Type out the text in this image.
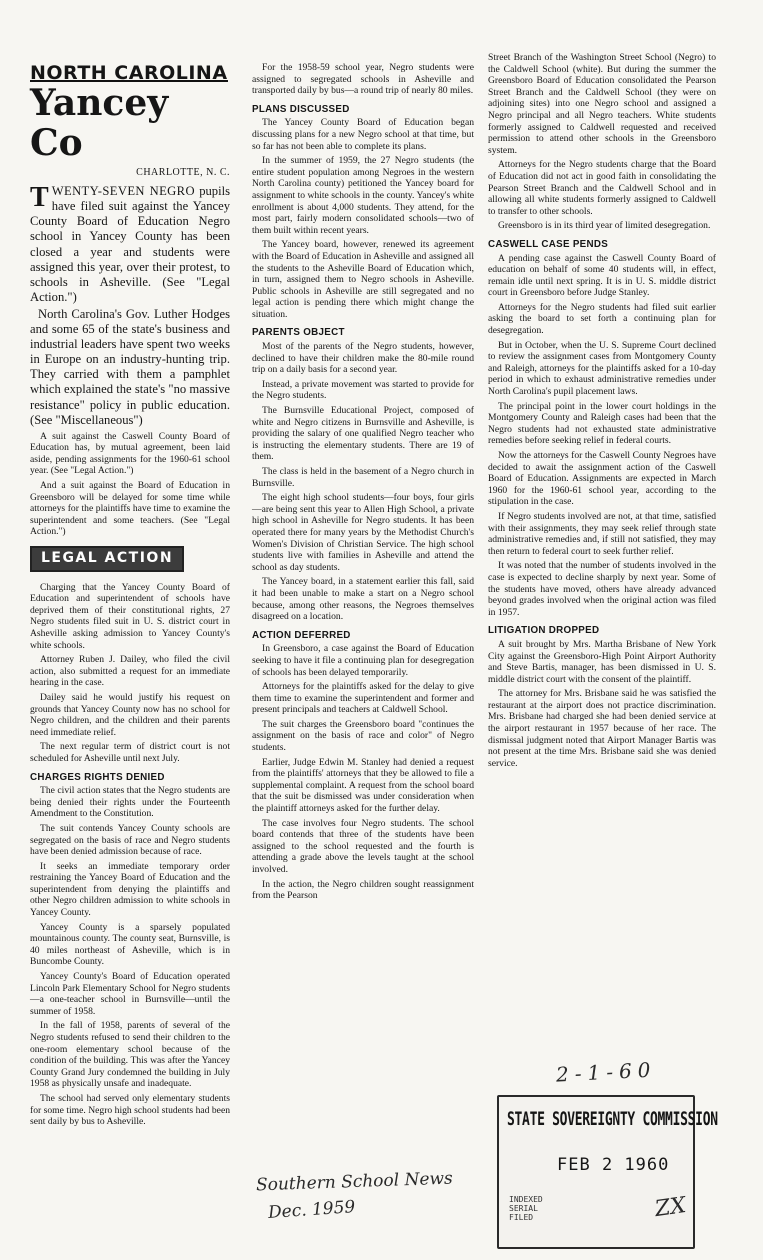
NORTH CAROLINA
Yancey Co
CHARLOTTE, N. C.

TWENTY-SEVEN NEGRO pupils have filed suit against the Yancey County Board of Education Negro school in Yancey County has been closed a year and students were assigned this year, over their protest, to schools in Asheville. (See "Legal Action.")

North Carolina's Gov. Luther Hodges and some 65 of the state's business and industrial leaders have spent two weeks in Europe on an industry-hunting trip. They carried with them a pamphlet which explained the state's "no massive resistance" policy in public education. (See "Miscellaneous")

A suit against the Caswell County Board of Education has, by mutual agreement, been laid aside, pending assignments for the 1960-61 school year. (See "Legal Action.")

And a suit against the Board of Education in Greensboro will be delayed for some time while attorneys for the plaintiffs have time to examine the superintendent and some teachers. (See "Legal Action.")

LEGAL ACTION

Charging that the Yancey County Board of Education and superintendent of schools have deprived them of their constitutional rights, 27 Negro students filed suit in U. S. district court in Asheville asking admission to Yancey County's white schools.

Attorney Ruben J. Dailey, who filed the civil action, also submitted a request for an immediate hearing in the case.

Dailey said he would justify his request on grounds that Yancey County now has no school for Negro children, and the children and their parents need immediate relief.

The next regular term of district court is not scheduled for Asheville until next July.

CHARGES RIGHTS DENIED

The civil action states that the Negro students are being denied their rights under the Fourteenth Amendment to the Constitution.

The suit contends Yancey County schools are segregated on the basis of race and Negro students have been denied admission because of race.

It seeks an immediate temporary order restraining the Yancey Board of Education and the superintendent from denying the plaintiffs and other Negro children admission to white schools in Yancey County.

Yancey County is a sparsely populated mountainous county. The county seat, Burnsville, is 40 miles northeast of Asheville, which is in Buncombe County.

Yancey County's Board of Education operated Lincoln Park Elementary School for Negro students—a one-teacher school in Burnsville—until the summer of 1958.

In the fall of 1958, parents of several of the Negro students refused to send their children to the one-room elementary school because of the condition of the building. This was after the Yancey County Grand Jury condemned the building in July 1958 as physically unsafe and inadequate.

The school had served only elementary students for some time. Negro high school students had been sent daily by bus to Asheville.

For the 1958-59 school year, Negro students were assigned to segregated schools in Asheville and transported daily by bus—a round trip of nearly 80 miles.

PLANS DISCUSSED

The Yancey County Board of Education began discussing plans for a new Negro school at that time, but so far has not been able to complete its plans.

In the summer of 1959, the 27 Negro students (the entire student population among Negroes in the western North Carolina county) petitioned the Yancey board for assignment to white schools in the county. Yancey's white enrollment is about 4,000 students. They attend, for the most part, fairly modern consolidated schools—two of them built within recent years.

The Yancey board, however, renewed its agreement with the Board of Education in Asheville and assigned all the students to the Asheville Board of Education which, in turn, assigned them to Negro schools in Asheville. Public schools in Asheville are still segregated and no legal action is pending there which might change the situation.

PARENTS OBJECT

Most of the parents of the Negro students, however, declined to have their children make the 80-mile round trip on a daily basis for a second year.

Instead, a private movement was started to provide for the Negro students.

The Burnsville Educational Project, composed of white and Negro citizens in Burnsville and Asheville, is providing the salary of one qualified Negro teacher who is instructing the elementary students. There are 19 of them.

The class is held in the basement of a Negro church in Burnsville.

The eight high school students—four boys, four girls—are being sent this year to Allen High School, a private high school in Asheville for Negro students. It has been operated there for many years by the Methodist Church's Women's Division of Christian Service. The high school students live with families in Asheville and attend the school as day students.

The Yancey board, in a statement earlier this fall, said it had been unable to make a start on a Negro school because, among other reasons, the Negroes themselves disagreed on a location.

ACTION DEFERRED

In Greensboro, a case against the Board of Education seeking to have it file a continuing plan for desegregation of schools has been delayed temporarily.

Attorneys for the plaintiffs asked for the delay to give them time to examine the superintendent and former and present principals and teachers at Caldwell School.

The suit charges the Greensboro board "continues the assignment on the basis of race and color" of Negro students.

Earlier, Judge Edwin M. Stanley had denied a request from the plaintiffs' attorneys that they be allowed to file a supplemental complaint. A request from the school board that the suit be dismissed was under consideration when the plaintiff attorneys asked for the further delay.

The case involves four Negro students. The school board contends that three of the students have been assigned to the school requested and the fourth is attending a grade above the levels taught at the school involved.

In the action, the Negro children sought reassignment from the Pearson

Street Branch of the Washington Street School (Negro) to the Caldwell School (white). But during the summer the Greensboro Board of Education consolidated the Pearson Street Branch and the Caldwell School (they were on adjoining sites) into one Negro school and assigned a Negro principal and all Negro teachers. White students formerly assigned to Caldwell requested and received permission to attend other schools in the Greensboro system.

Attorneys for the Negro students charge that the Board of Education did not act in good faith in consolidating the Pearson Street Branch and the Caldwell School and in allowing all white students formerly assigned to Caldwell to transfer to other schools.

Greensboro is in its third year of limited desegregation.

CASWELL CASE PENDS

A pending case against the Caswell County Board of education on behalf of some 40 students will, in effect, remain idle until next spring. It is in U. S. middle district court in Greensboro before Judge Stanley.

Attorneys for the Negro students had filed suit earlier asking the board to set forth a continuing plan for desegregation.

But in October, when the U. S. Supreme Court declined to review the assignment cases from Montgomery County and Raleigh, attorneys for the plaintiffs asked for a 10-day period in which to exhaust administrative remedies under North Carolina's pupil placement laws.

The principal point in the lower court holdings in the Montgomery County and Raleigh cases had been that the Negro students had not exhausted state administrative remedies before seeking relief in federal courts.

Now the attorneys for the Caswell County Negroes have decided to await the assignment action of the Caswell Board of Education. Assignments are expected in March 1960 for the 1960-61 school year, according to the stipulation in the case.

If Negro students involved are not, at that time, satisfied with their assignments, they may seek relief through state administrative remedies and, if still not satisfied, they may then return to federal court to seek further relief.

It was noted that the number of students involved in the case is expected to decline sharply by next year. Some of the students have moved, others have already advanced beyond grades involved when the original action was filed in 1957.

LITIGATION DROPPED

A suit brought by Mrs. Martha Brisbane of New York City against the Greensboro-High Point Airport Authority and Steve Bartis, manager, has been dismissed in U. S. middle district court with the consent of the plaintiff.

The attorney for Mrs. Brisbane said he was satisfied the restaurant at the airport does not practice discrimination. Mrs. Brisbane had charged she had been denied service at the airport restaurant in 1957 because of her race. The dismissal judgment noted that Airport Manager Bartis was not present at the time Mrs. Brisbane said she was denied service.

2-1-60
STATE SOVEREIGNTY COMMISSION
FEB 2 1960
INDEXED
SERIAL
FILED
Southern School News
Dec. 1959	ZX
